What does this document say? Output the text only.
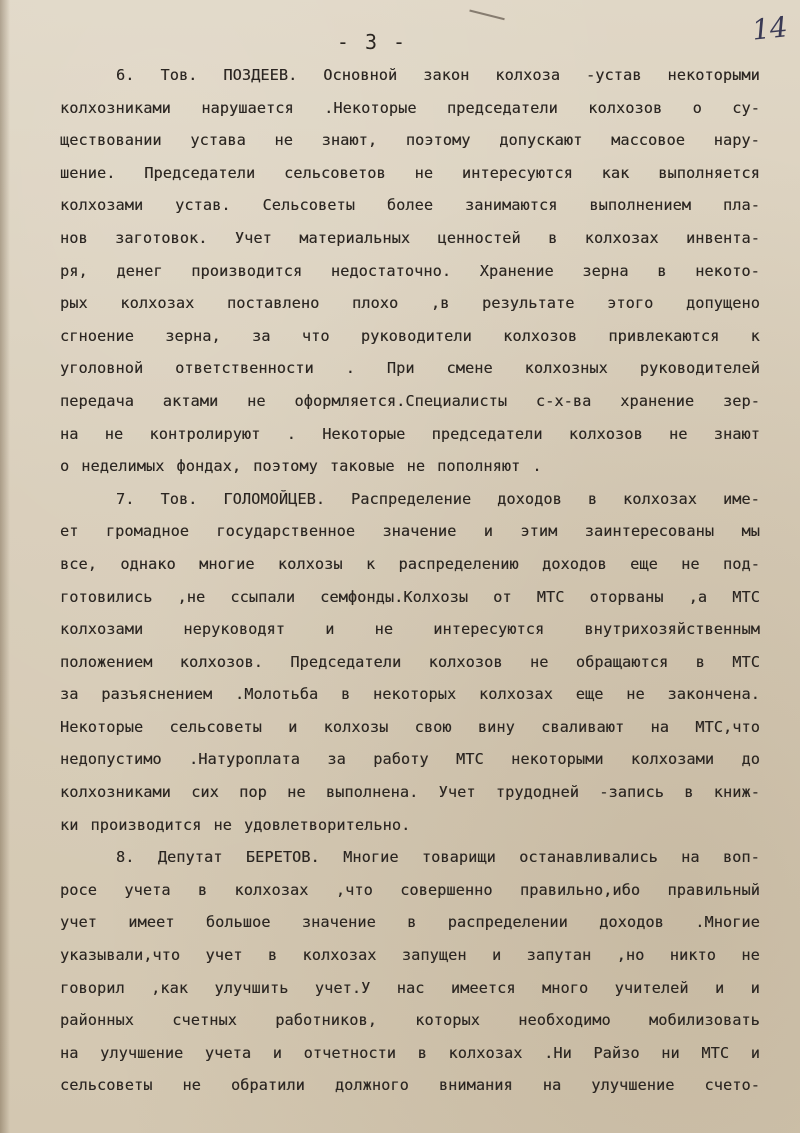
- 3 -	14
6. Тов. ПОЗДЕЕВ. Основной закон колхоза -устав некоторыми
колхозниками нарушается .Некоторые председатели колхозов о су-
ществовании устава не знают, поэтому допускают массовое нару-
шение. Председатели сельсоветов не интересуются как выполняется
колхозами устав. Сельсоветы более занимаются выполнением пла-
нов заготовок. Учет материальных ценностей в колхозах инвента-
ря, денег производится недостаточно. Хранение зерна в некото-
рых колхозах поставлено плохо ,в результате этого допущено
сгноение зерна, за что руководители колхозов привлекаются к
уголовной ответственности . При смене колхозных руководителей
передача актами не оформляется.Специалисты с-х-ва хранение зер-
на не контролируют . Некоторые председатели колхозов не знают
о неделимых фондах, поэтому таковые не пополняют .
7. Тов. ГОЛОМОЙЦЕВ. Распределение доходов в колхозах име-
ет громадное государственное значение и этим заинтересованы мы
все, однако многие колхозы к распределению доходов еще не под-
готовились ,не ссыпали семфонды.Колхозы от МТС оторваны ,а МТС
колхозами	неруководят	и	не	интересуются	внутрихозяйственным
положением колхозов. Председатели колхозов не обращаются в МТС
за разъяснением .Молотьба в некоторых колхозах еще не закончена.
Некоторые сельсоветы и колхозы свою вину сваливают на МТС,что
недопустимо .Натуроплата за работу МТС некоторыми колхозами до
колхозниками сих пор не выполнена. Учет трудодней -запись в книж-
ки производится не удовлетворительно.
8. Депутат БЕРЕТОВ. Многие товарищи останавливались на воп-
росе учета в колхозах ,что совершенно правильно,ибо правильный
учет имеет большое значение в распределении доходов .Многие
указывали,что учет в колхозах запущен и запутан ,но никто не
говорил ,как улучшить учет.У нас имеется много учителей и и
районных	счетных	работников,	которых	необходимо	мобилизовать
на улучшение учета и отчетности в колхозах .Ни Райзо ни МТС и
сельсоветы не обратили должного внимания на улучшение счето-
